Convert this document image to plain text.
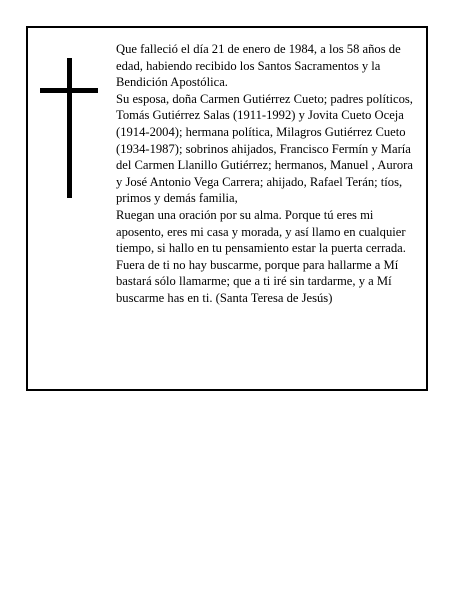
Que falleció el día 21 de enero de 1984, a los 58 años de edad, habiendo recibido los Santos Sacramentos y la Bendición Apostólica.

Su esposa, doña Carmen Gutiérrez Cueto; padres políticos, Tomás Gutiérrez Salas (1911-1992) y Jovita Cueto Oceja (1914-2004); hermana política, Milagros Gutiérrez Cueto (1934-1987); sobrinos ahijados, Francisco Fermín y María del Carmen Llanillo Gutiérrez; hermanos, Manuel , Aurora y José Antonio Vega Carrera; ahijado, Rafael Terán; tíos, primos y demás familia,

Ruegan una oración por su alma. Porque tú eres mi aposento, eres mi casa y morada, y así llamo en cualquier tiempo, si hallo en tu pensamiento estar la puerta cerrada. Fuera de ti no hay buscarme, porque para hallarme a Mí bastará sólo llamarme; que a ti iré sin tardarme, y a Mí buscarme has en ti. (Santa Teresa de Jesús)
